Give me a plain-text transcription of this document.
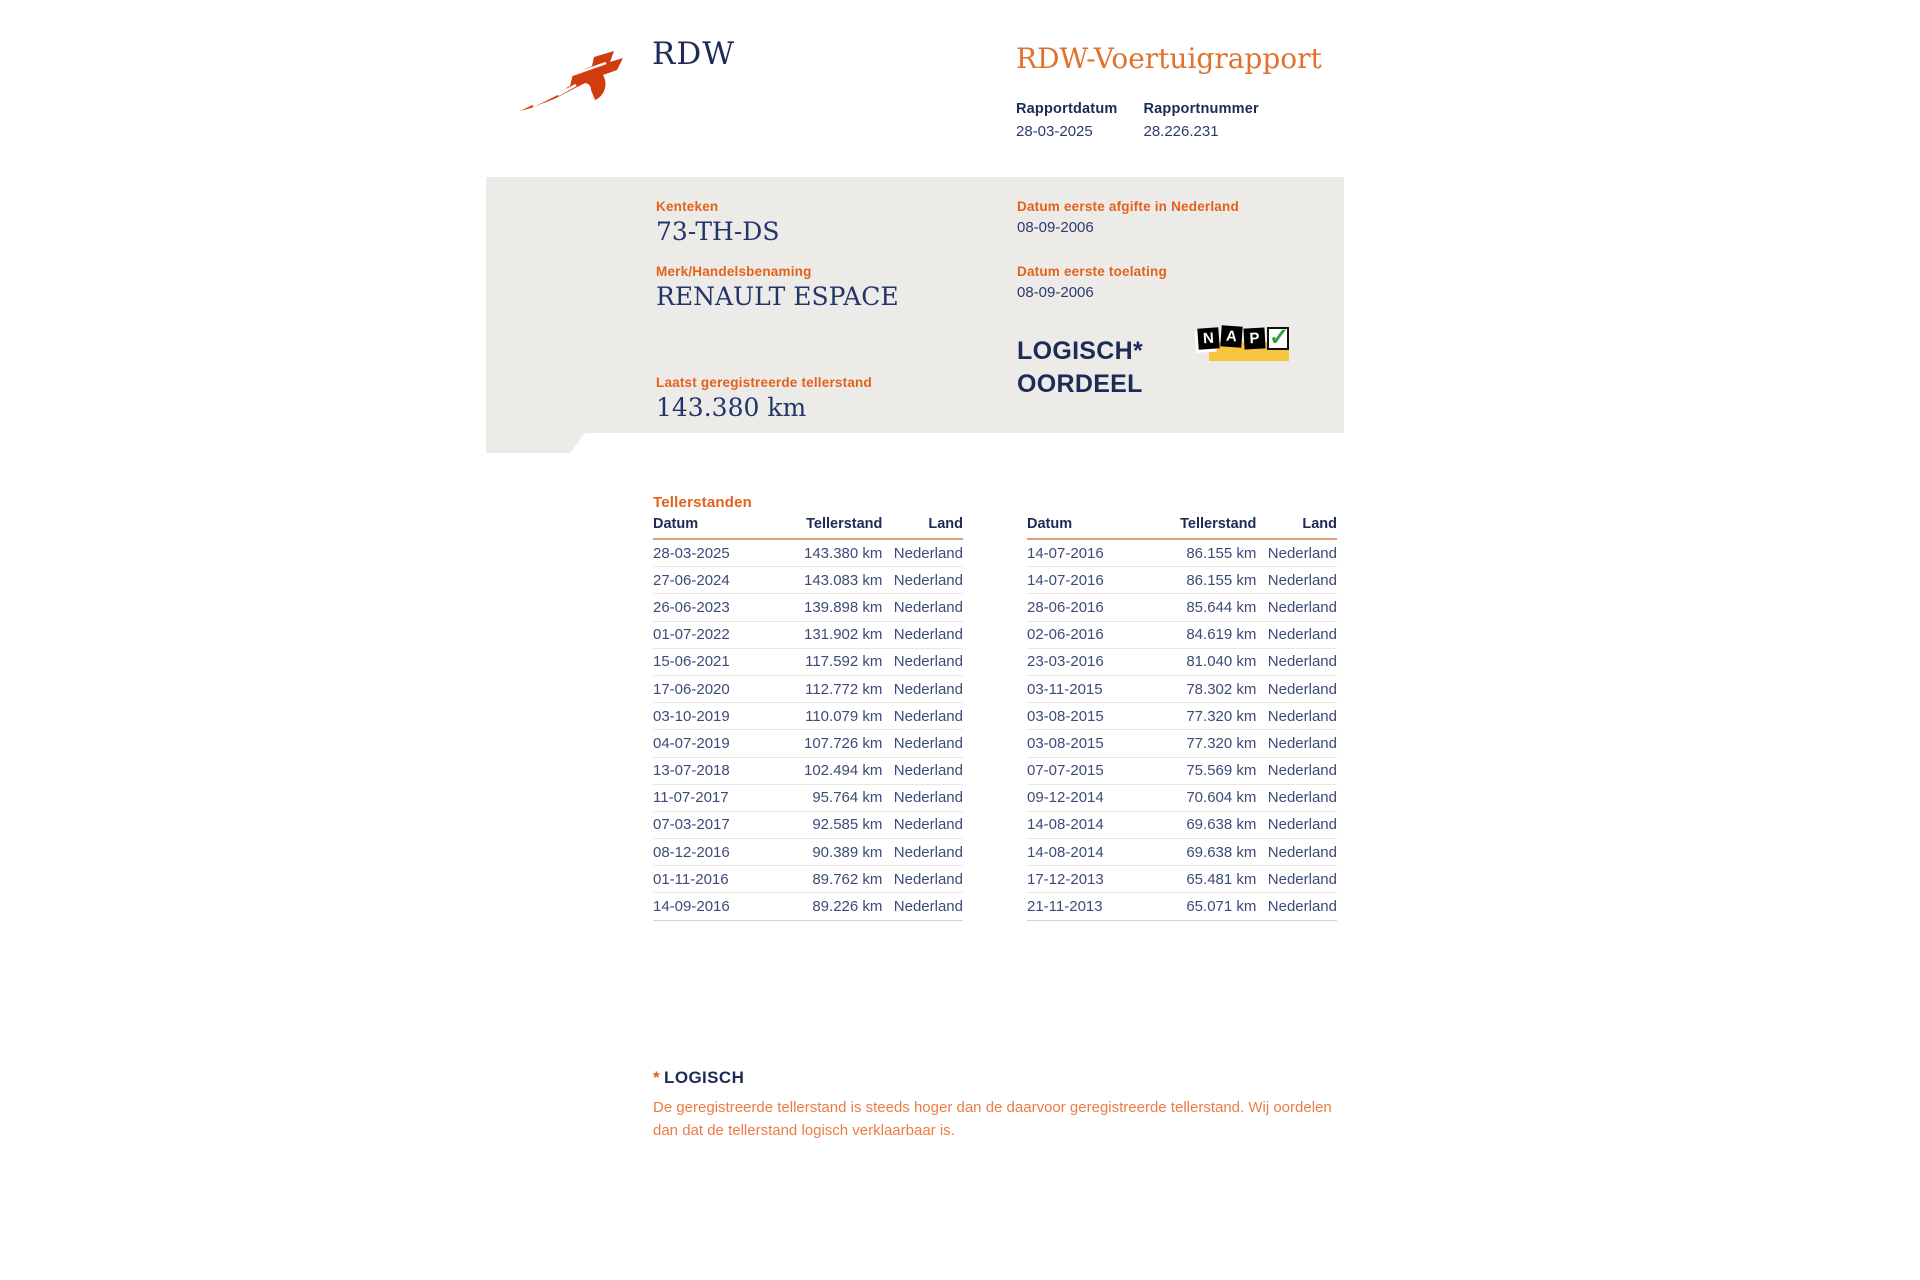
RDW	RDW-Voertuigrapport
Rapportdatum
28-03-2025
Rapportnummer
28.226.231
Kenteken
73-TH-DS
Merk/Handelsbenaming
RENAULT ESPACE
Laatst geregistreerde tellerstand
143.380 km
Datum eerste afgifte in Nederland
08-09-2006
Datum eerste toelating
08-09-2006
LOGISCH*
OORDEEL
N A P ✓
Tellerstanden
Datum	Tellerstand	Land
28-03-2025	143.380 km	Nederland
27-06-2024	143.083 km	Nederland
26-06-2023	139.898 km	Nederland
01-07-2022	131.902 km	Nederland
15-06-2021	117.592 km	Nederland
17-06-2020	112.772 km	Nederland
03-10-2019	110.079 km	Nederland
04-07-2019	107.726 km	Nederland
13-07-2018	102.494 km	Nederland
11-07-2017	95.764 km	Nederland
07-03-2017	92.585 km	Nederland
08-12-2016	90.389 km	Nederland
01-11-2016	89.762 km	Nederland
14-09-2016	89.226 km	Nederland
Datum	Tellerstand	Land
14-07-2016	86.155 km	Nederland
14-07-2016	86.155 km	Nederland
28-06-2016	85.644 km	Nederland
02-06-2016	84.619 km	Nederland
23-03-2016	81.040 km	Nederland
03-11-2015	78.302 km	Nederland
03-08-2015	77.320 km	Nederland
03-08-2015	77.320 km	Nederland
07-07-2015	75.569 km	Nederland
09-12-2014	70.604 km	Nederland
14-08-2014	69.638 km	Nederland
14-08-2014	69.638 km	Nederland
17-12-2013	65.481 km	Nederland
21-11-2013	65.071 km	Nederland
* LOGISCH
De geregistreerde tellerstand is steeds hoger dan de daarvoor geregistreerde tellerstand. Wij oordelen dan dat de tellerstand logisch verklaarbaar is.
